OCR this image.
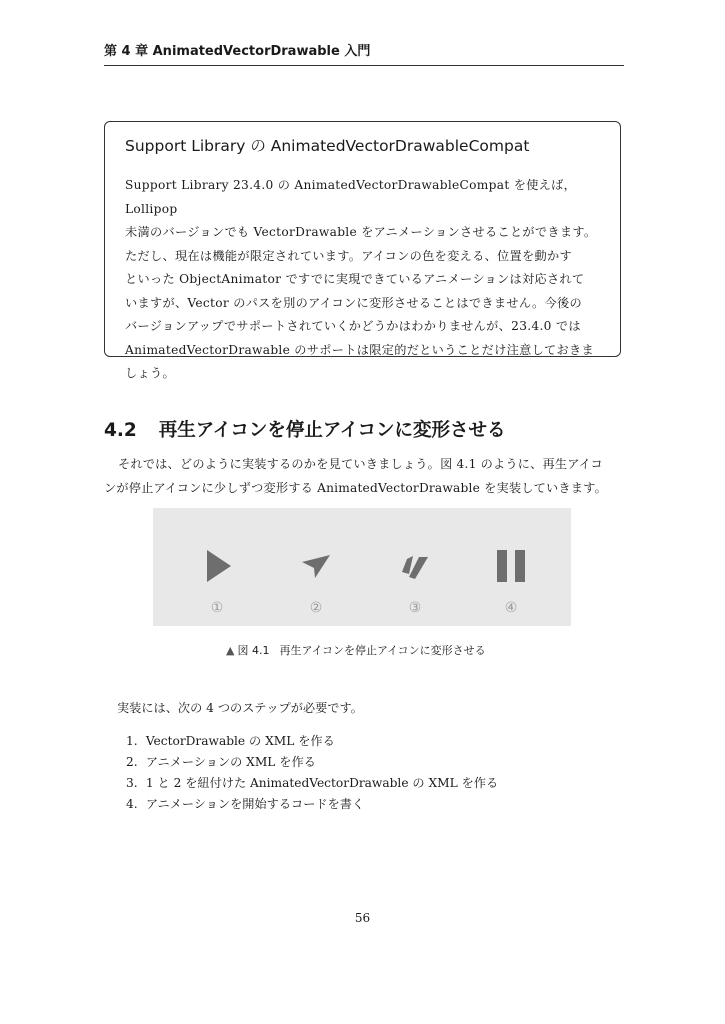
第 4 章 AnimatedVectorDrawable 入門

Support Library の AnimatedVectorDrawableCompat

Support Library 23.4.0 の AnimatedVectorDrawableCompat を使えば，Lollipop
未満のバージョンでも VectorDrawable をアニメーションさせることができます。
ただし、現在は機能が限定されています。アイコンの色を変える、位置を動かす
といった ObjectAnimator ですでに実現できているアニメーションは対応されて
いますが、Vector のパスを別のアイコンに変形させることはできません。今後の
バージョンアップでサポートされていくかどうかはわかりませんが、23.4.0 では
AnimatedVectorDrawable のサポートは限定的だということだけ注意しておきま
しょう。

4.2 再生アイコンを停止アイコンに変形させる

それでは、どのように実装するのかを見ていきましょう。図 4.1 のように、再生アイコ
ンが停止アイコンに少しずつ変形する AnimatedVectorDrawable を実装していきます。

①	②	③	④

▲ 図 4.1 再生アイコンを停止アイコンに変形させる

実装には、次の 4 つのステップが必要です。

1. VectorDrawable の XML を作る
2. アニメーションの XML を作る
3. 1 と 2 を紐付けた AnimatedVectorDrawable の XML を作る
4. アニメーションを開始するコードを書く

56
